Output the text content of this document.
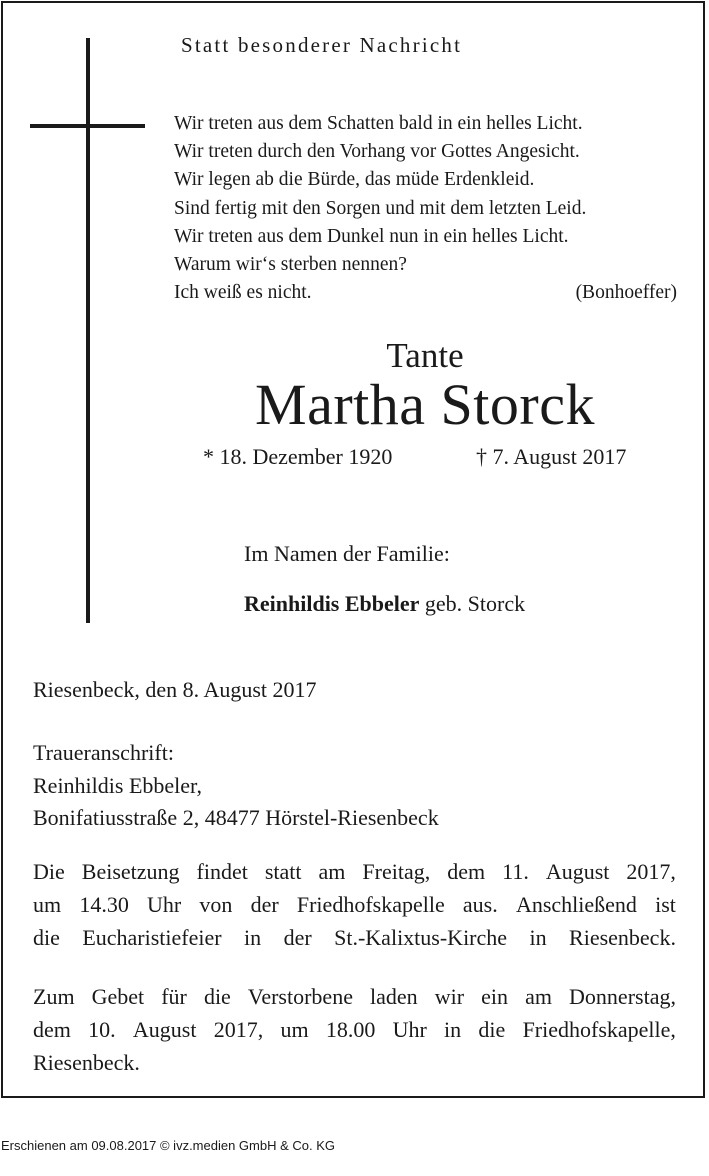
Statt besonderer Nachricht
Wir treten aus dem Schatten bald in ein helles Licht.
Wir treten durch den Vorhang vor Gottes Angesicht.
Wir legen ab die Bürde, das müde Erdenkleid.
Sind fertig mit den Sorgen und mit dem letzten Leid.
Wir treten aus dem Dunkel nun in ein helles Licht.
Warum wir‘s sterben nennen?
Ich weiß es nicht.	(Bonhoeffer)
Tante
Martha Storck
* 18. Dezember 1920	† 7. August 2017
Im Namen der Familie:
Reinhildis Ebbeler geb. Storck
Riesenbeck, den 8. August 2017
Traueranschrift:
Reinhildis Ebbeler,
Bonifatiusstraße 2, 48477 Hörstel-Riesenbeck
Die Beisetzung findet statt am Freitag, dem 11. August 2017,
um 14.30 Uhr von der Friedhofskapelle aus. Anschließend ist
die Eucharistiefeier in der St.-Kalixtus-Kirche in Riesenbeck.
Zum Gebet für die Verstorbene laden wir ein am Donnerstag,
dem 10. August 2017, um 18.00 Uhr in die Friedhofskapelle,
Riesenbeck.
Erschienen am 09.08.2017 © ivz.medien GmbH & Co. KG
